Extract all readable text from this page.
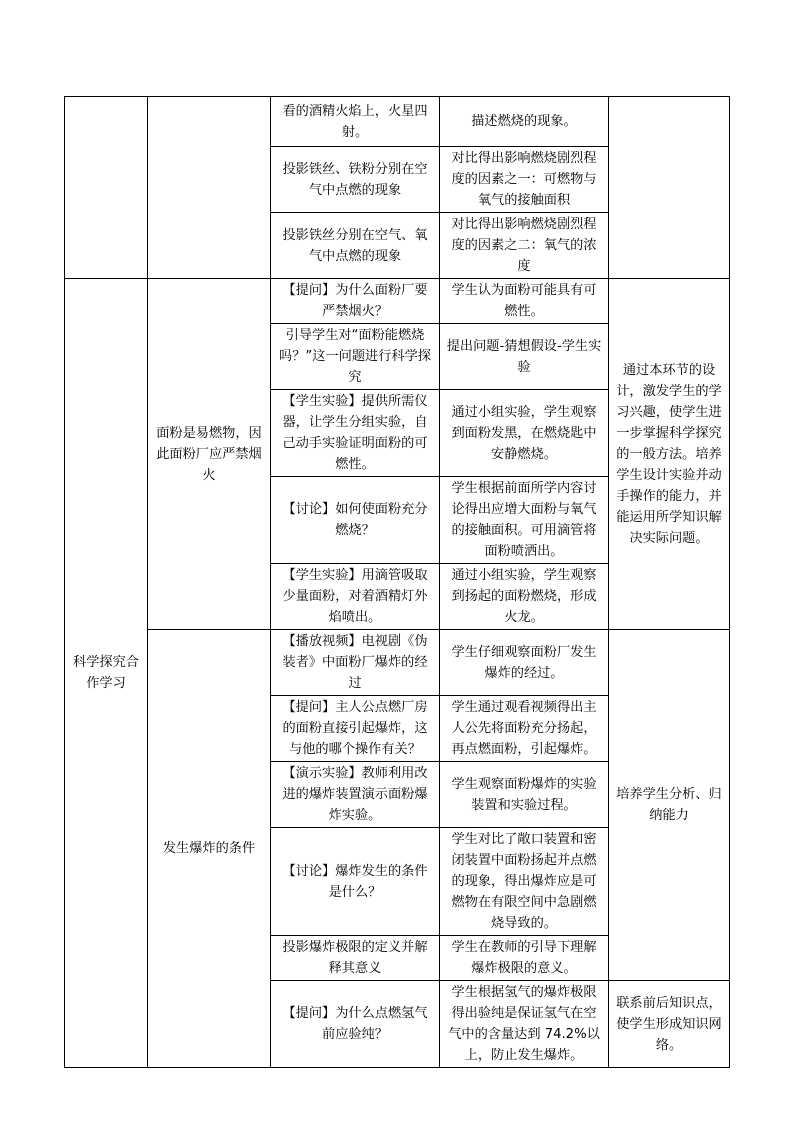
		看的酒精火焰上，火星四射。	描述燃烧的现象。	
		投影铁丝、铁粉分别在空气中点燃的现象	对比得出影响燃烧剧烈程度的因素之一：可燃物与氧气的接触面积	
		投影铁丝分别在空气、氧气中点燃的现象	对比得出影响燃烧剧烈程度的因素之二：氧气的浓度	
科学探究合作学习	面粉是易燃物，因此面粉厂应严禁烟火	【提问】为什么面粉厂要严禁烟火？	学生认为面粉可能具有可燃性。	通过本环节的设计，激发学生的学习兴趣，使学生进一步掌握科学探究的一般方法。培养学生设计实验并动手操作的能力，并能运用所学知识解决实际问题。
		引导学生对“面粉能燃烧吗？”这一问题进行科学探究	提出问题-猜想假设-学生实验	
		【学生实验】提供所需仪器，让学生分组实验，自己动手实验证明面粉的可燃性。	通过小组实验，学生观察到面粉发黑，在燃烧匙中安静燃烧。	
		【讨论】如何使面粉充分燃烧？	学生根据前面所学内容讨论得出应增大面粉与氧气的接触面积。可用滴管将面粉喷洒出。	
		【学生实验】用滴管吸取少量面粉，对着酒精灯外焰喷出。	通过小组实验，学生观察到扬起的面粉燃烧，形成火龙。	
	发生爆炸的条件	【播放视频】电视剧《伪装者》中面粉厂爆炸的经过	学生仔细观察面粉厂发生爆炸的经过。	培养学生分析、归纳能力
		【提问】主人公点燃厂房的面粉直接引起爆炸，这与他的哪个操作有关？	学生通过观看视频得出主人公先将面粉充分扬起，再点燃面粉，引起爆炸。	
		【演示实验】教师利用改进的爆炸装置演示面粉爆炸实验。	学生观察面粉爆炸的实验装置和实验过程。	
		【讨论】爆炸发生的条件是什么？	学生对比了敞口装置和密闭装置中面粉扬起并点燃的现象，得出爆炸应是可燃物在有限空间中急剧燃烧导致的。	
		投影爆炸极限的定义并解释其意义	学生在教师的引导下理解爆炸极限的意义。	
		【提问】为什么点燃氢气前应验纯？	学生根据氢气的爆炸极限得出验纯是保证氢气在空气中的含量达到 74.2%以上，防止发生爆炸。	联系前后知识点，使学生形成知识网络。
